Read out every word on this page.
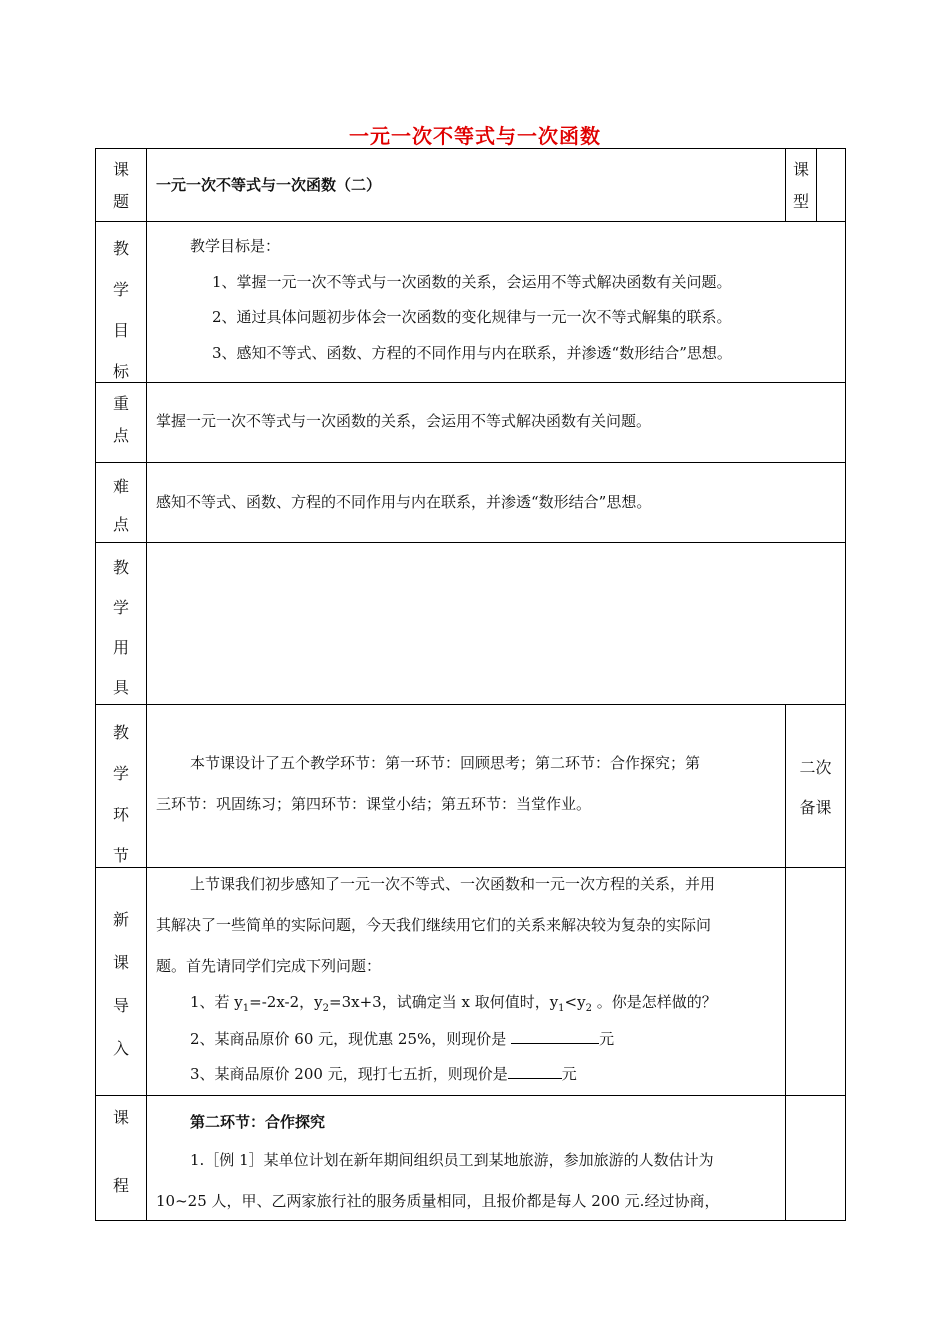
一元一次不等式与一次函数
课
题
一元一次不等式与一次函数（二）
课
型
教
学
目
标
教学目标是：
1、掌握一元一次不等式与一次函数的关系，会运用不等式解决函数有关问题。
2、通过具体问题初步体会一次函数的变化规律与一元一次不等式解集的联系。
3、感知不等式、函数、方程的不同作用与内在联系，并渗透“数形结合”思想。
重
点
掌握一元一次不等式与一次函数的关系，会运用不等式解决函数有关问题。
难
点
感知不等式、函数、方程的不同作用与内在联系，并渗透“数形结合”思想。
教
学
用
具
教
学
环
节
本节课设计了五个教学环节：第一环节：回顾思考；第二环节：合作探究；第
三环节：巩固练习；第四环节：课堂小结；第五环节：当堂作业。
二次
备课
新
课
导
入
上节课我们初步感知了一元一次不等式、一次函数和一元一次方程的关系，并用
其解决了一些简单的实际问题，今天我们继续用它们的关系来解决较为复杂的实际问
题。首先请同学们完成下列问题：
1、若 $y_1=-2x-2$，$y_2=3x+3$，试确定当 x 取何值时，$y_1<y_2$ 。你是怎样做的？
2、某商品原价 60 元，现优惠 25%，则现价是	元
3、某商品原价 200 元，现打七五折，则现价是	元
课
程
第二环节：合作探究
1.［例 1］某单位计划在新年期间组织员工到某地旅游，参加旅游的人数估计为
10~25 人，甲、乙两家旅行社的服务质量相同，且报价都是每人 200 元.经过协商，
